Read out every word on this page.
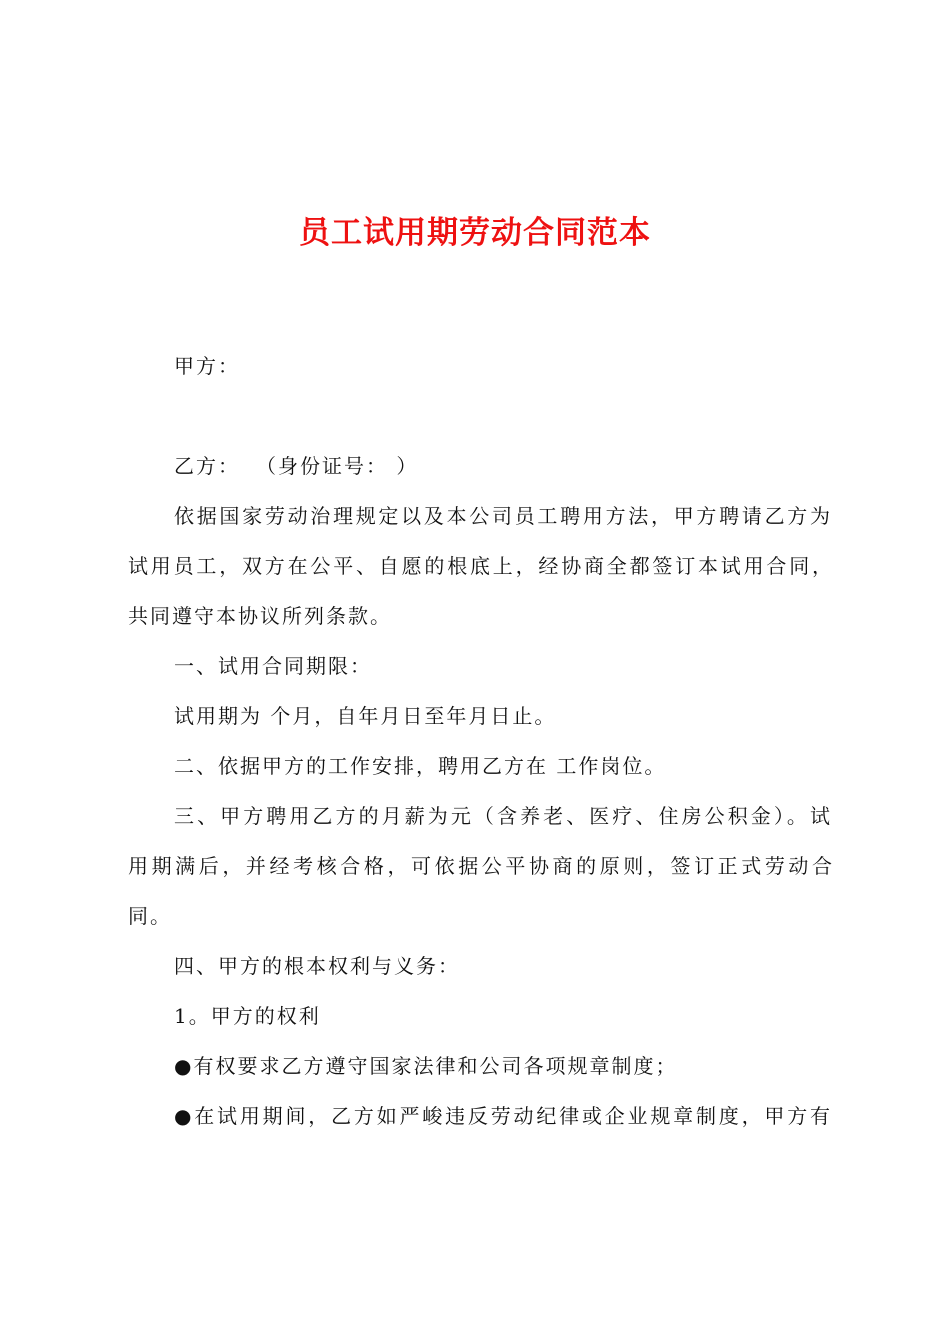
员工试用期劳动合同范本
甲方：
乙方： （身份证号： ）
依据国家劳动治理规定以及本公司员工聘用方法，甲方聘请乙方为
试用员工，双方在公平、自愿的根底上，经协商全都签订本试用合同，
共同遵守本协议所列条款。
一、试用合同期限：
试用期为 个月，自年月日至年月日止。
二、依据甲方的工作安排，聘用乙方在 工作岗位。
三、甲方聘用乙方的月薪为元（含养老、医疗、住房公积金）。试
用期满后，并经考核合格，可依据公平协商的原则，签订正式劳动合
同。
四、甲方的根本权利与义务：
1。甲方的权利
●有权要求乙方遵守国家法律和公司各项规章制度；
●在试用期间，乙方如严峻违反劳动纪律或企业规章制度，甲方有
